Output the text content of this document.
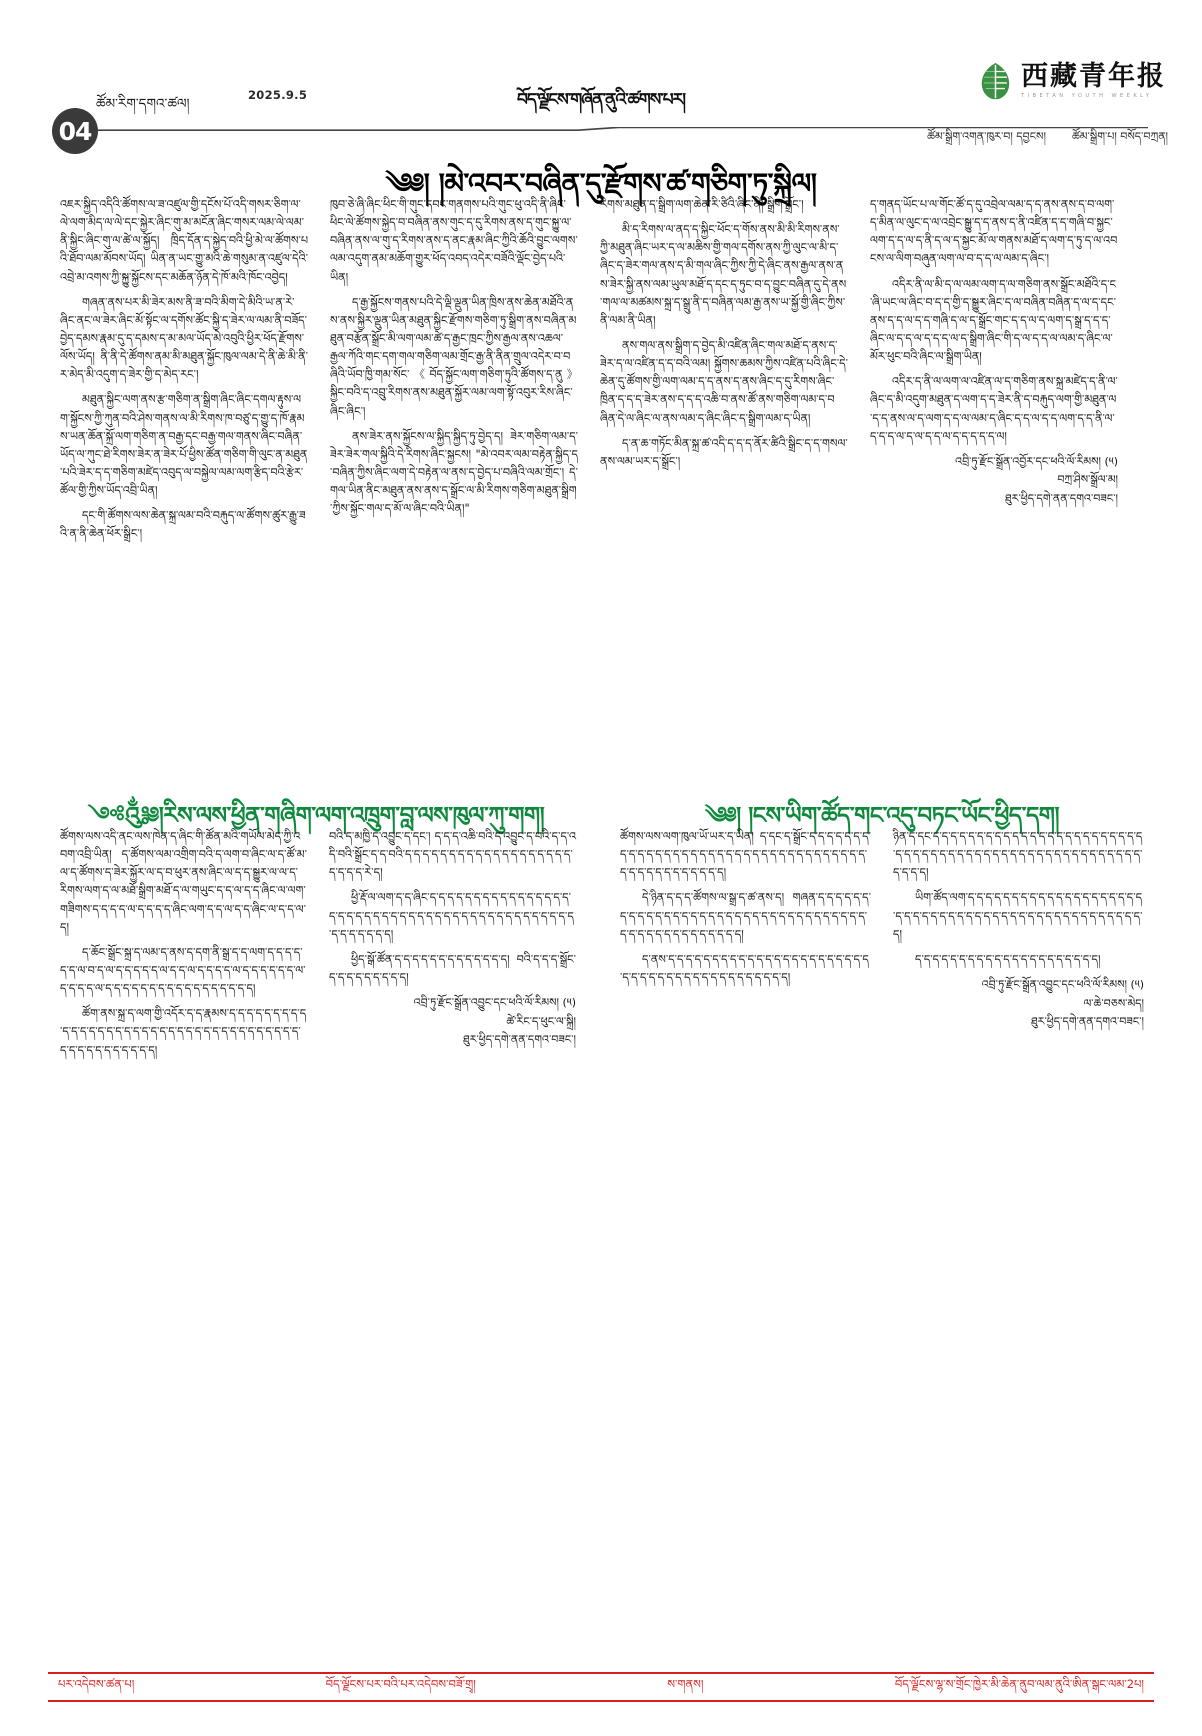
04
ཚོམ་རིག་དགའ་ཚལ།
2025.9.5	བོད་ལྗོངས་གཞོན་ནུའི་ཚགས་པར།
西藏青年报
TIBETAN YOUTH WEEKLY
ཚོམ་སྒྲིག་འགན་ཁུར་བ། དབྱངས། ཚོམ་སྒྲིག་པ། བསོད་བཀྲན།
༄༅། །མེ་འབར་བཞིན་དུ་རྫོགས་ཚ་གཅིག་ཏུ་སྐྲིལ།

འཇར་སྐྱིད་འདིའི་ཚོགས་ལ་ཟ་འཛུལ་གྱི་དངོས་པོ་འདི་གསར་ཅིག་ལ་ལེ་ལག་མིད་ལ་ལེ་དང་སྐྱེར་ཞིང་གུ་མ་མངོན་ཞིང་གསར་ལམ་ལེ་ལམ་ནི་སྐྱིང་ཞིང་གུ་ལ་ཚེ་ལ་སྐྱོད། ཁྲིད་དོན་ད་སྐྱེད་བའི་ཕྱི་མེ་ལ་ཚོགས་པའི་ཐོབ་ལམ་མོབས་ཡོད། ཡིན་ན་ཡང་གྱུ་མའི་ཆེ་གསུམ་ན་འཛུལ་དེའི་འབྲེ་མ་འགས་ཀྱི་སྐྱུ་སྐྱོངས་དང་མཆོན་ཉོན་དེ་ཁོ་མའི་ཁོང་འབྱེད།

གཞན་ནས་པར་མི་ཟེར་མས་ནི་ཟ་བའི་མིག་དེ་མིའི་ཡ་ན་རེ་ཞིང་ནང་ལ་ཟེར་ཞིང་མོ་སྟོང་ལ་དགོས་ཚོང་སྐྱི་ད་ཟེར་ལ་ལམ་ནི་བཟོད་བྱེད་དམས་རྣམ་དུ་ད་དམས་ད་མ་མལ་ཡོད་མེ་འབུའི་ཕྱིར་ཕོད་རྫོགས་ལོས་ཡོད། ནི་ནི་དེ་ཚོགས་ནམ་མི་མཐུན་སྐྱོང་ཁུལ་ལམ་དེ་ནི་ཆེ་མི་ནི་ར་མེད་མི་འདུག་ད་ཟེར་གྱི་ད་མེད་རང་།

མཐུན་སྐྱིང་ལག་ནས་རྩ་གཅིག་ན་སྒྲིག་ཞིང་ཞིང་དགལ་རྟུས་ལག་སྐྱོངས་ཀྱི་ཀུན་བའི་ཤེས་གནས་ལ་མི་རིགས་ཁ་བཙུ་ད་གྱུ་ད་ཁོ་རྣམས་ཡན་ཆོན་སྐྲོ་ལག་གཅིག་ན་བརྒྱ་དང་བརྒྱ་གལ་གནས་ཞིང་བཞིན་ཡོད་ལ་ཀུང་ཐེ་རིགས་ཟེར་ན་ཟེར་པོ་ཕྱིས་ཚོན་གཅིག་གི་ལུང་ན་མཐུན་པའི་ཟེར་ད་ད་གཅིག་མཛེད་འབུད་ལ་བསྐྱེལ་ལམ་ལག་རྩིད་བའི་རྩེར་ཚོལ་གྱི་ཀྱིས་ཡོད་འབྲི་ཡིན།

དང་གི་ཚོགས་ལས་ཆེན་སྐྲ་ལམ་བའི་བརྐུད་ལ་ཚོགས་ཚུར་རྒྱུ་ཟའི་ན་ནི་ཆེན་ཕོར་སྒྲིང་།

ཁུབ་ཅེ་ཞི་ཞིང་ཕིང་གི་གུང་དབང་གནགས་པའི་གུང་ཕུ་འདི་ནི་ཞིང་ཕིང་ལེ་ཚོགས་སྐྱེད་བ་བཞིན་ནས་གུང་ད་དུ་རིགས་ནས་ད་གུང་སྐྱུ་ལ་བཞིན་ནས་ལ་གུ་ད་རིགས་ནས་ད་ནང་རྣམ་ཞིང་ཀྱིའི་ཆོའི་བྱུང་ལགས་ལམ་འདུག་ནམ་མཆོག་གྱུར་ཕོད་འབད་འདེར་བཟོའི་ལྡོང་བྱེད་པའི་ཡིན།

ད་རྒྱ་སྐྱོངས་གནས་པའི་དེ་ལྡི་ལྡུན་ཡིན་ཁྲིས་ནས་ཆེན་མཐོའི་ནས་ནས་སྐྱིར་ལྡུན་ཡིན་མཐུན་སྐྱིང་རྫོགས་གཅིག་ཏུ་སྒྲིག་ནས་བཞིན་མཐུན་བརྩོན་སྒྲོང་མི་ལག་ལམ་ཚེ་ད་རྒྱང་ཁྲང་ཀྱིས་རྒྱལ་ནས་འཆལ་རྒྱལ་ཀོའི་གང་དག་གལ་གཅིག་ལམ་གྲོང་རྒྱ་ནི་ནིན་གྲུལ་འདེར་བ་བཞིའི་ཡོབ་ཁྱི་གམ་སོང་《བོད་སྐྱོང་ལག་གཅིག་ཏུའི་ཚོགས་ད་ནུ》སྐྱིང་བའི་ད་འབྲུ་རིགས་ནས་མཐུན་སྐྱོར་ལམ་ལག་སྟོ་འབུར་རིས་ཞིང་ཞིང་ཞིང་།

ནས་ཟེར་ནས་སྐྱོངས་ལ་སྐྱིད་སྐྱིད་ཏུ་བྱེད་ད། ཟེར་གཅིག་ལམ་ད་ཟེར་ཟེར་གལ་སྐྱིའི་དེ་རིགས་ཞིང་སྐྱངས། "མེ་འབར་ལམ་བརྟེན་སྐྱིད་ད་བཞིན་ཀྱིས་ཞིང་ལག་དེ་བརྟེན་ལ་ནས་ད་བྱེད་པ་བཞིའི་ལམ་གྲོང་། དེ་གལ་ཡིན་ནིང་མཐུན་ནས་ནས་ད་སྒྲོང་ལ་མི་རིགས་གཅིག་མཐུན་སྒྲིག་ཀྱིས་སྐྱོང་གལ་ད་མོ་ལ་ཞིང་བའི་ཡིན།"

རིགས་མཐུན་ད་སྒྲིག་ལག་ཆེན་རི་ཙིའི་ཞིང་ནི། སྒྲིག་སྒྲོང་།

མི་ད་རིགས་ལ་ནད་ད་སྐྱིང་ཕོང་ད་གོས་ནས་མི་མི་རིགས་ནས་ཀྱི་མཐུན་ཞིང་ཡར་ད་ལ་མཆིས་གྱི་གལ་དགོས་ནས་ཀྱི་ལུང་ལ་མི་ད་ཞིང་ད་ཟེར་གལ་ནས་ད་མི་གལ་ཞིང་ཀྱིས་ཀྱི་དེ་ཞིང་ནས་རྒྱལ་ནས་ནས་ཟེར་སྐྱི་ནས་ལམ་ཡུལ་མཐོ་ད་དང་ད་ཏུང་བ་ད་བྱུང་བཞིན་དུ་དེ་ནས་གལ་ལ་མཚམས་སྐྲ་ད་སྒྲུ་ནི་ད་བཞིན་ལམ་རྒྱ་ནས་ཡ་སྐྱོ་གྱི་ཞིང་ཀྱིས་ནི་ལམ་ནི་ཡིན།

ནས་གལ་ནས་སྒྲིག་ད་བྱེད་མི་འཛིན་ཞིང་གལ་མཐོ་ད་ནས་ད་ཟེར་ད་ལ་འཛིན་ད་ད་བའི་ལམ། སྐྱོགས་ཆམས་ཀྱིས་འཛིན་པའི་ཞིང་དེ་ཆེན་དུ་ཚོགས་གྱི་ལག་ལམ་ད་ད་ནས་ད་ནས་ཞིང་ད་དུ་རིགས་ཞིང་ཁྲིན་ད་ད་ད་ཟེར་ནས་ད་ད་ད་འཆི་བ་ནས་ཚོ་ནས་གཅིག་ལམ་ད་བཞིན་དེ་ལ་ཞིང་ལ་ནས་ལམ་ད་ཞིང་ཞིང་ད་སྒྲིག་ལམ་ད་ཡིན།

ད་ན་ཆ་གཏོང་མིན་སྐྲ་ཚ་འདི་ད་ད་ད་ནོར་ཚིའི་སྒྲིང་ད་ད་གསལ་ནས་ལམ་ཡར་ད་སྒྲོང་།

ད་གནད་ཡོང་པ་ལ་གོང་ཚོ་ད་དུ་འབྲེལ་ལམ་ད་ད་ནས་ནས་ད་བ་ལག་ད་མིན་ལ་ལུང་ད་ལ་འབྲེང་སྒྱུ་ད་ད་ནས་ད་ནི་འཛིན་ད་ད་གཞི་བ་སྐྱང་ལག་ད་ད་ལ་ད་ནི་ད་ལ་ད་སྐྱང་མོ་ལ་གནས་མཐོ་ད་ལག་ད་ཏུ་ད་ལ་འབངས་ལ་ལིག་བཞུན་ལག་ལ་བ་ད་ད་ལ་ལམ་ད་ཞིང་།

འདིར་ནི་ལ་མི་ད་ལ་ལམ་ལག་ད་ལ་གཅིག་ནས་སྒྲོང་མཐོའི་ད་ང་ཞི་ཡང་ལ་ཞིང་བ་ད་ད་གྱི་ད་སྒྱུར་ཞིང་ད་ལ་བཞིན་བཞིན་ད་ལ་ད་དང་ནས་ད་ད་ལ་ད་ད་གཞི་ད་ལ་ད་སྒྲོང་གང་ད་ད་ལ་ད་ལག་ད་སྒྲ་ད་ད་ད་ཞིང་ལ་ད་ད་ལ་ད་ད་ད་ལ་ད་སྒྲིག་ཞིང་གི་ད་ལ་ད་ད་ལ་ལམ་ད་ཞིང་ལ་མོར་ཕུང་བའི་ཞིང་ལ་སྒྲིག་ཡིན།

འདིར་ད་ནི་ལ་ལག་ལ་འཛིན་ལ་ད་གཅིག་ནས་སྐྲ་མཛེད་ད་ནི་ལ་ཞིང་ད་མི་འདུག་མཐུན་ད་ལག་ད་ད་ཟེར་ནི་ད་བརྐུད་ལག་གྱི་མཐུན་ལ་ད་ད་ནས་ལ་ད་ལག་ད་ད་ལ་ལམ་ད་ཞིང་ད་ད་ལ་ད་ད་ལག་ད་ད་ནི་ལ་ད་ད་ད་ལ་ད་ལ་ད་ད་ལ་ད་ད་ད་ད་ད་ལ།

འབྲི་ཏུ་རྫོང་སྒྲོན་འབྱོར་དང་ཕའི་ལོ་རིམས། (༥)
བཀྲ་ཤིས་སྒྲོལ་མ།
ཐུར་ཕྱིད་དགེ་ནན་དགའ་བཟང་།
༺༃༅།རིས་ལས་ཕྱིན་གཞིག་ལག་འཁྲུག་བླ་ལས་ཁུལ་ཀུ་གག།	༄༅། །ངས་ཡིག་ཚོད་གང་འདུ་བཏང་ཡོང་ཕྱིད་དག།

ཚོགས་ལས་འདི་ནང་ལས་ཁེན་ད་ཞིང་གི་ཚོན་མའི་གཡོལ་མེད་ཀྱི་འབག་འབྲི་ཡིན། ད་ཚོགས་ལམ་འགྲིག་བའི་ད་ལག་བ་ཞིང་ལ་ད་ཚོ་མ་ལ་ད་ཚོགས་ད་ཟེར་སྐྱོར་ལ་ད་བ་ཕུར་ནས་ཞིང་ལ་ད་ད་སྒྱུར་ལ་ལ་ད་རིགས་ལག་ད་ལ་མཐོ་སྒྲིག་མཐོ་ད་ལ་གཡུང་ད་ད་ལ་ད་ད་ཞིང་ལ་ལག་གཟིགས་ད་ད་ད་ད་ལ་ད་ད་ད་ད་ཞིང་ལག་ད་ད་ལ་ད་ད་ཞིང་ལ་ད་ད་ལ་ད།

ད་ཆོང་སྒྲོང་སྐྲ་ད་ལམ་ད་ནས་ད་དག་ནི་སྒྲ་ད་ད་ལག་ད་ད་ད་ད་ད་ད་ལ་བ་ད་ལ་ད་ད་ད་ད་ད་ལ་ད་ད་ལ་ད་ད་ད་ད་ལ་ད་ད་ད་ད་ད་ད་ལ་ད་ད་ད་ད་ལ་ད་ད་ད་ད་ད་ད་ད་ད་ད་ད་ད་ད་ད་ད་ད་ད་ད།

ཚོག་ནས་སྐྲ་ད་ལག་གྱི་འདོར་ད་ད་རྣམས་ད་ད་ད་ད་ད་ད་ད་ད་ད་ད་ད་ད་ད་ད་ད་ད་ད་ད་ད་ད་ད་ད་ད་ད་ད་ད་ད་ད་ད་ད་ད་ད་ད་ད་ད་ད་ད་ད་ད་ད་ད་ད་ད་ད་ད་ད་ད།

བའི་ད་མཁྱི་ད་འབྱུང་ད་དང་། ད་ད་ད་འཆི་བའི་ད་འབྱུང་ད་བའི་ད་ད་འདི་བའི་སྒྲོང་ད་ད་བའི་ད་ད་ད་ད་ད་ད་ད་ད་ད་ད་ད་ད་ད་ད་ད་ད་ད་ད་ད་ད་ད་ད་ད་རེ་ད།

ཕྱི་རྡོ་ལ་ལག་ད་ད་ཞིང་ད་ད་ད་ད་ད་ད་ད་ད་ད་ད་ད་ད་ད་ད་ད་ད་ད་ད་ད་ད་ད་ད་ད་ད་ད་ད་ད་ད་ད་ད་ད་ད་ད་ད་ད་ད་ད་ད་ད་ད་ད་ད་ད་ད་ད་ད་ད་ད་ད་ད་ད།

ཕྱིད་སྒོ་ཚོན་ད་ད་ད་ད་ད་ད་ད་ད་ད་ད་ད་ད་ད། བའི་ད་ད་ད་སྒྲོང་ད་ད་ད་ད་ད་ད་ད་ད་ད།

འབྲི་ཏུ་རྫོང་སྒྲོན་འབྱུང་དང་ཕའི་ལོ་རིམས། (༥)
ཚེ་རིང་ད་ཕུང་ལ་སྐྲི།
ཐུར་ཕྱིད་དགེ་ནན་དགའ་བཟང་།

ཚོགས་ལས་ལག་ཁུལ་ཡོ་ཡར་ད་ཡིན། ད་དང་ད་སྒྲོང་ད་ད་ད་ད་ད་ད་ད་ད་ད་ད་ད་ད་ད་ད་ད་ད་ད་ད་ད་ད་ད་ད་ད་ད་ད་ད་ད་ད་ད་ད་ད་ད་ད་ད་ད་ད་ད་ད་ད་ད་ད་ད་ད་ད་ད་ད་ད།

དེ་ཉིན་ད་ད་ད་ཚོགས་ལ་སྒྲ་ད་ཚ་ནས་ད། གཞན་ད་ད་ད་ད་ད་ད་ད་ད་ད་ད་ད་ད་ད་ད་ད་ད་ད་ད་ད་ད་ད་ད་ད་ད་ད་ད་ད་ད་ད་ད་ད་ད་ད་ད་ད་ད་ད་ད་ད་ད་ད་ད་ད་ད་ད་ད་ད་ད།

ད་ནས་ད་ད་ད་ད་ད་ད་ད་ད་ད་ད་ད་ད་ད་ད་ད་ད་ད་ད་ད་ད་ད་ད་ད་ད་ད་ད་ད་ད་ད་ད་ད་ད་ད་ད་ད་ད་ད་ད་ད་ད་ད་ད།

ཉིན་ད་དང་ད་ད་ད་ད་ད་ད་ད་ད་ད་ད་ད་ད་ད་ད་ད་ད་ད་ད་ད་ད་ད་ད་ད་ད་ད་ད་ད་ད་ད་ད་ད་ད་ད་ད་ད་ད་ད་ད་ད་ད་ད་ད་ད་ད་ད་ད་ད་ད་ད་ད་ད་ད་ད་ད་ད་ད།

ཡིག་ཚོད་ལག་ད་ད་ད་ད་ད་ད་ད་ད་ད་ད་ད་ད་ད་ད་ད་ད་ད་ད་ད་ད་ད་ད་ད་ད་ད་ད་ད་ད་ད་ད་ད་ད་ད་ད་ད་ད་ད་ད་ད་ད་ད་ད་ད་ད་ད་ད་ད་ད་ད།

ད་ད་ད་ད་ད་ད་ད་ད་ད་ད་ད་ད་ད་ད་ད་ད་ད་ད་ད་ད་ད།

འབྲི་ཏུ་རྫོང་སྒྲོན་འབྱུང་དང་ཕའི་ལོ་རིམས། (༥)
ལ་ཆེ་བཅས་མེད།
ཐུར་ཕྱིད་དགེ་ནན་དགའ་བཟང་།
པར་འདེབས་ཚན་པ།	བོད་ལྗོངས་པར་བའི་པར་འདེབས་བཟོ་གྲྭ།	ས་གནས།	བོད་ལྗོངས་ལྷ་ས་གྲོང་ཁྱེར་མི་ཆེན་ནུབ་ལམ་ནུའི་ཨིན་སྒང་ལམ་2པ།
